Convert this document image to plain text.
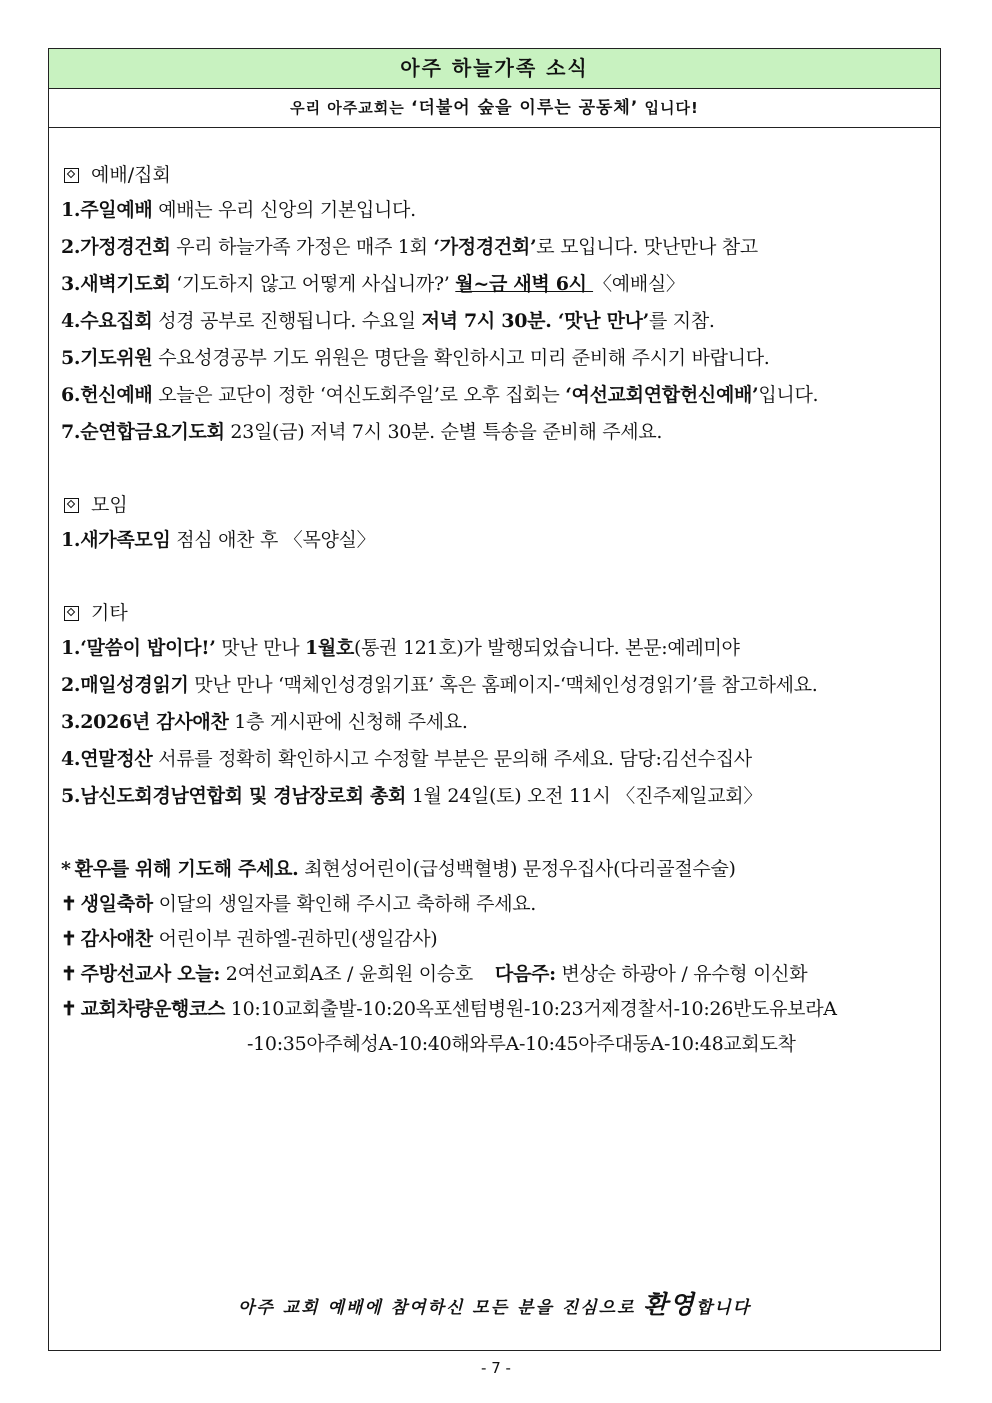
아주 하늘가족 소식
우리 아주교회는 ‘더불어 숲을 이루는 공동체’ 입니다!
예배/집회
1.주일예배 예배는 우리 신앙의 기본입니다.
2.가정경건회 우리 하늘가족 가정은 매주 1회 ‘가정경건회’로 모입니다. 맛난만나 참고
3.새벽기도회 ‘기도하지 않고 어떻게 사십니까?’ 월~금 새벽 6시 〈예배실〉
4.수요집회 성경 공부로 진행됩니다. 수요일 저녁 7시 30분. ‘맛난 만나’를 지참.
5.기도위원 수요성경공부 기도 위원은 명단을 확인하시고 미리 준비해 주시기 바랍니다.
6.헌신예배 오늘은 교단이 정한 ‘여신도회주일’로 오후 집회는 ‘여선교회연합헌신예배’입니다.
7.순연합금요기도회 23일(금) 저녁 7시 30분. 순별 특송을 준비해 주세요.
모임
1.새가족모임 점심 애찬 후 〈목양실〉
기타
1.‘말씀이 밥이다!’ 맛난 만나 1월호(통권 121호)가 발행되었습니다. 본문:예레미야
2.매일성경읽기 맛난 만나 ‘맥체인성경읽기표’ 혹은 홈페이지-‘맥체인성경읽기’를 참고하세요.
3.2026년 감사애찬 1층 게시판에 신청해 주세요.
4.연말정산 서류를 정확히 확인하시고 수정할 부분은 문의해 주세요. 담당:김선수집사
5.남신도회경남연합회 및 경남장로회 총회 1월 24일(토) 오전 11시 〈진주제일교회〉
* 환우를 위해 기도해 주세요. 최현성어린이(급성백혈병) 문정우집사(다리골절수술)
✝ 생일축하 이달의 생일자를 확인해 주시고 축하해 주세요.
✝ 감사애찬 어린이부 권하엘-권하민(생일감사)
✝ 주방선교사 오늘: 2여선교회A조 / 윤희원 이승호 다음주: 변상순 하광아 / 유수형 이신화
✝ 교회차량운행코스 10:10교회출발-10:20옥포센텀병원-10:23거제경찰서-10:26반도유보라A
-10:35아주혜성A-10:40해와루A-10:45아주대동A-10:48교회도착
아주 교회 예배에 참여하신 모든 분을 진심으로 환영합니다
- 7 -
